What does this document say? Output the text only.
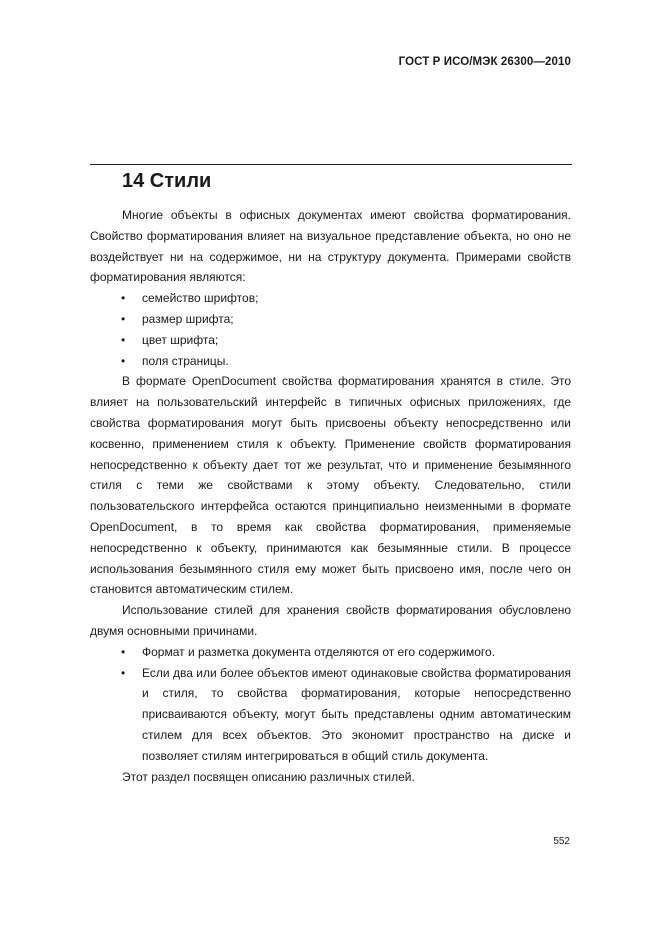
ГОСТ Р ИСО/МЭК 26300—2010
14 Стили

Многие объекты в офисных документах имеют свойства форматирования. Свойство форматирования влияет на визуальное представление объекта, но оно не воздействует ни на содержимое, ни на структуру документа. Примерами свойств форматирования являются:

• семейство шрифтов;
• размер шрифта;
• цвет шрифта;
• поля страницы.

В формате OpenDocument свойства форматирования хранятся в стиле. Это влияет на пользовательский интерфейс в типичных офисных приложениях, где свойства форматирования могут быть присвоены объекту непосредственно или косвенно, применением стиля к объекту. Применение свойств форматирования непосредственно к объекту дает тот же результат, что и применение безымянного стиля с теми же свойствами к этому объекту. Следовательно, стили пользовательского интерфейса остаются принципиально неизменными в формате OpenDocument, в то время как свойства форматирования, применяемые непосредственно к объекту, принимаются как безымянные стили. В процессе использования безымянного стиля ему может быть присвоено имя, после чего он становится автоматическим стилем.

Использование стилей для хранения свойств форматирования обусловлено двумя основными причинами.

• Формат и разметка документа отделяются от его содержимого.
• Если два или более объектов имеют одинаковые свойства форматирования и стиля, то свойства форматирования, которые непосредственно присваиваются объекту, могут быть представлены одним автоматическим стилем для всех объектов. Это экономит пространство на диске и позволяет стилям интегрироваться в общий стиль документа.

Этот раздел посвящен описанию различных стилей.

552
